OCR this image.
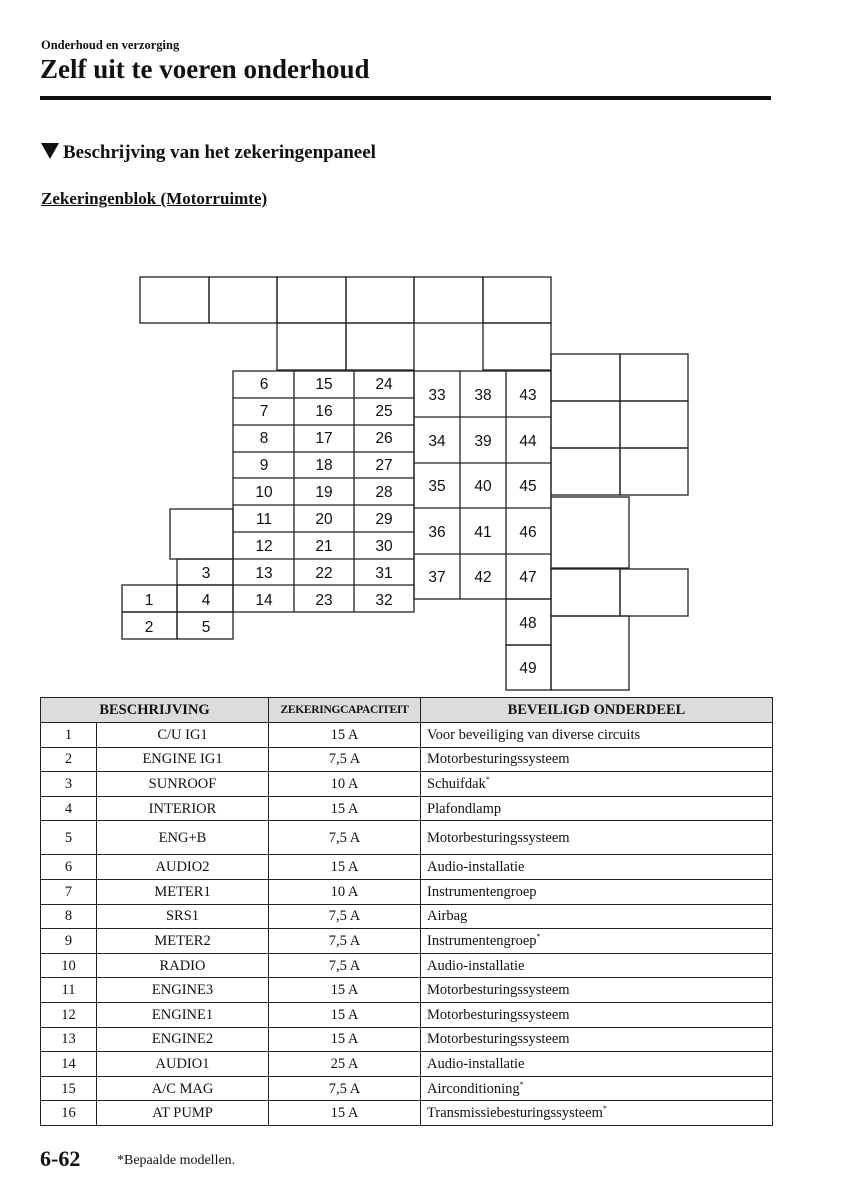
Onderhoud en verzorging
Zelf uit te voeren onderhoud
Beschrijving van het zekeringenpaneel
Zekeringenblok (Motorruimte)
1
2
3
4
5
6
7
8
9
10
11
12
13
14
15
16
17
18
19
20
21
22
23
24
25
26
27
28
29
30
31
32
33
34
35
36
37
38
39
40
41
42
43
44
45
46
47
48
49
BESCHRIJVING		ZEKERINGCAPACITEIT	BEVEILIGD ONDERDEEL
1	C/U IG1	15 A	Voor beveiliging van diverse circuits
2	ENGINE IG1	7,5 A	Motorbesturingssysteem
3	SUNROOF	10 A	Schuifdak*
4	INTERIOR	15 A	Plafondlamp
5	ENG+B	7,5 A	Motorbesturingssysteem
6	AUDIO2	15 A	Audio-installatie
7	METER1	10 A	Instrumentengroep
8	SRS1	7,5 A	Airbag
9	METER2	7,5 A	Instrumentengroep*
10	RADIO	7,5 A	Audio-installatie
11	ENGINE3	15 A	Motorbesturingssysteem
12	ENGINE1	15 A	Motorbesturingssysteem
13	ENGINE2	15 A	Motorbesturingssysteem
14	AUDIO1	25 A	Audio-installatie
15	A/C MAG	7,5 A	Airconditioning*
16	AT PUMP	15 A	Transmissiebesturingssysteem*
6-62	*Bepaalde modellen.
